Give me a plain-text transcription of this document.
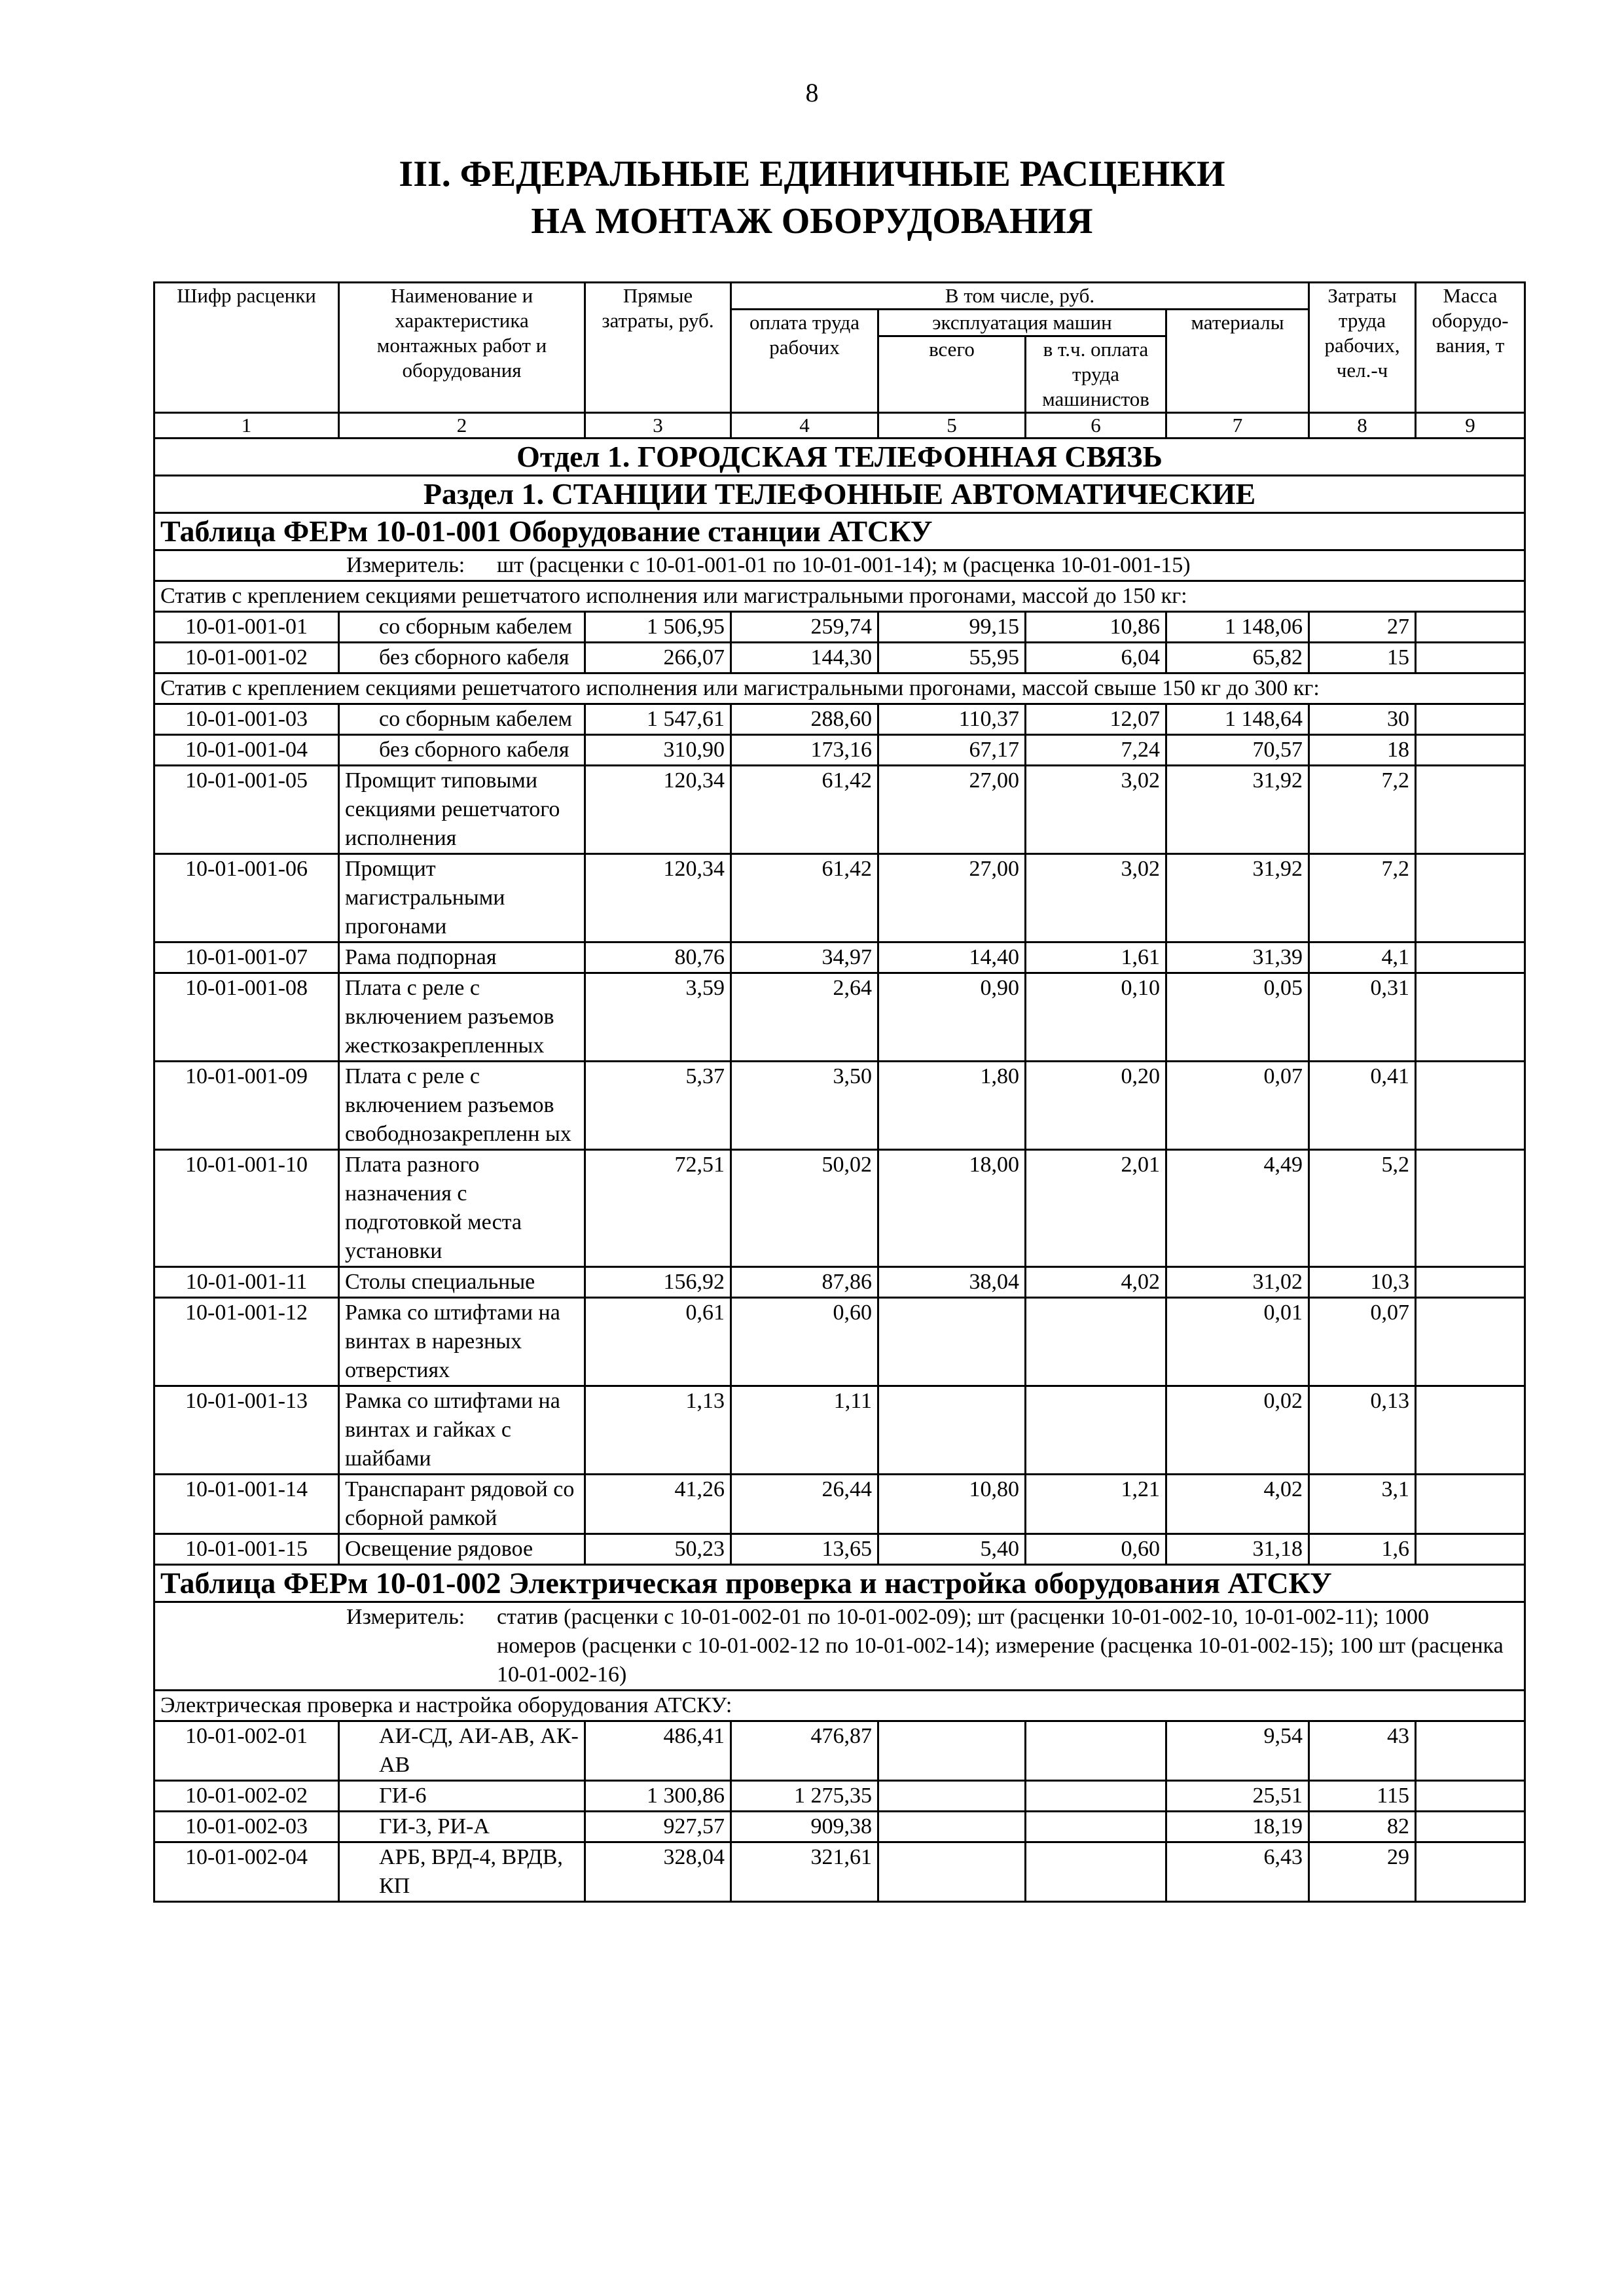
8
III. ФЕДЕРАЛЬНЫЕ ЕДИНИЧНЫЕ РАСЦЕНКИ
НА МОНТАЖ ОБОРУДОВАНИЯ
Шифр расценки	Наименование и характеристика монтажных работ и оборудования	Прямые затраты, руб.	В том числе, руб.				Затраты труда рабочих, чел.-ч	Масса оборудо-вания, т
			оплата труда рабочих	эксплуатация машин		материалы		
				всего	в т.ч. оплата труда машинистов			
1	2	3	4	5	6	7	8	9
Отдел 1. ГОРОДСКАЯ ТЕЛЕФОННАЯ СВЯЗЬ								
Раздел 1. СТАНЦИИ ТЕЛЕФОННЫЕ АВТОМАТИЧЕСКИЕ								
Таблица ФЕРм 10-01-001 Оборудование станции АТСКУ								
Измеритель: шт (расценки с 10-01-001-01 по 10-01-001-14); м (расценка 10-01-001-15)								
Статив с креплением секциями решетчатого исполнения или магистральными прогонами, массой до 150 кг:								
10-01-001-01	со сборным кабелем	1 506,95	259,74	99,15	10,86	1 148,06	27	
10-01-001-02	без сборного кабеля	266,07	144,30	55,95	6,04	65,82	15	
Статив с креплением секциями решетчатого исполнения или магистральными прогонами, массой свыше 150 кг до 300 кг:								
10-01-001-03	со сборным кабелем	1 547,61	288,60	110,37	12,07	1 148,64	30	
10-01-001-04	без сборного кабеля	310,90	173,16	67,17	7,24	70,57	18	
10-01-001-05	Промщит типовыми секциями решетчатого исполнения	120,34	61,42	27,00	3,02	31,92	7,2	
10-01-001-06	Промщит магистральными прогонами	120,34	61,42	27,00	3,02	31,92	7,2	
10-01-001-07	Рама подпорная	80,76	34,97	14,40	1,61	31,39	4,1	
10-01-001-08	Плата с реле с включением разъемов жесткозакрепленных	3,59	2,64	0,90	0,10	0,05	0,31	
10-01-001-09	Плата с реле с включением разъемов свободнозакрепленн ых	5,37	3,50	1,80	0,20	0,07	0,41	
10-01-001-10	Плата разного назначения с подготовкой места установки	72,51	50,02	18,00	2,01	4,49	5,2	
10-01-001-11	Столы специальные	156,92	87,86	38,04	4,02	31,02	10,3	
10-01-001-12	Рамка со штифтами на винтах в нарезных отверстиях	0,61	0,60			0,01	0,07	
10-01-001-13	Рамка со штифтами на винтах и гайках с шайбами	1,13	1,11			0,02	0,13	
10-01-001-14	Транспарант рядовой со сборной рамкой	41,26	26,44	10,80	1,21	4,02	3,1	
10-01-001-15	Освещение рядовое	50,23	13,65	5,40	0,60	31,18	1,6	
Таблица ФЕРм 10-01-002 Электрическая проверка и настройка оборудования АТСКУ								
Измеритель: статив (расценки с 10-01-002-01 по 10-01-002-09); шт (расценки 10-01-002-10, 10-01-002-11); 1000 номеров (расценки с 10-01-002-12 по 10-01-002-14); измерение (расценка 10-01-002-15); 100 шт (расценка 10-01-002-16)								
Электрическая проверка и настройка оборудования АТСКУ:								
10-01-002-01	АИ-СД, АИ-АВ, АК-АВ	486,41	476,87			9,54	43	
10-01-002-02	ГИ-6	1 300,86	1 275,35			25,51	115	
10-01-002-03	ГИ-3, РИ-А	927,57	909,38			18,19	82	
10-01-002-04	АРБ, ВРД-4, ВРДВ, КП	328,04	321,61			6,43	29	
